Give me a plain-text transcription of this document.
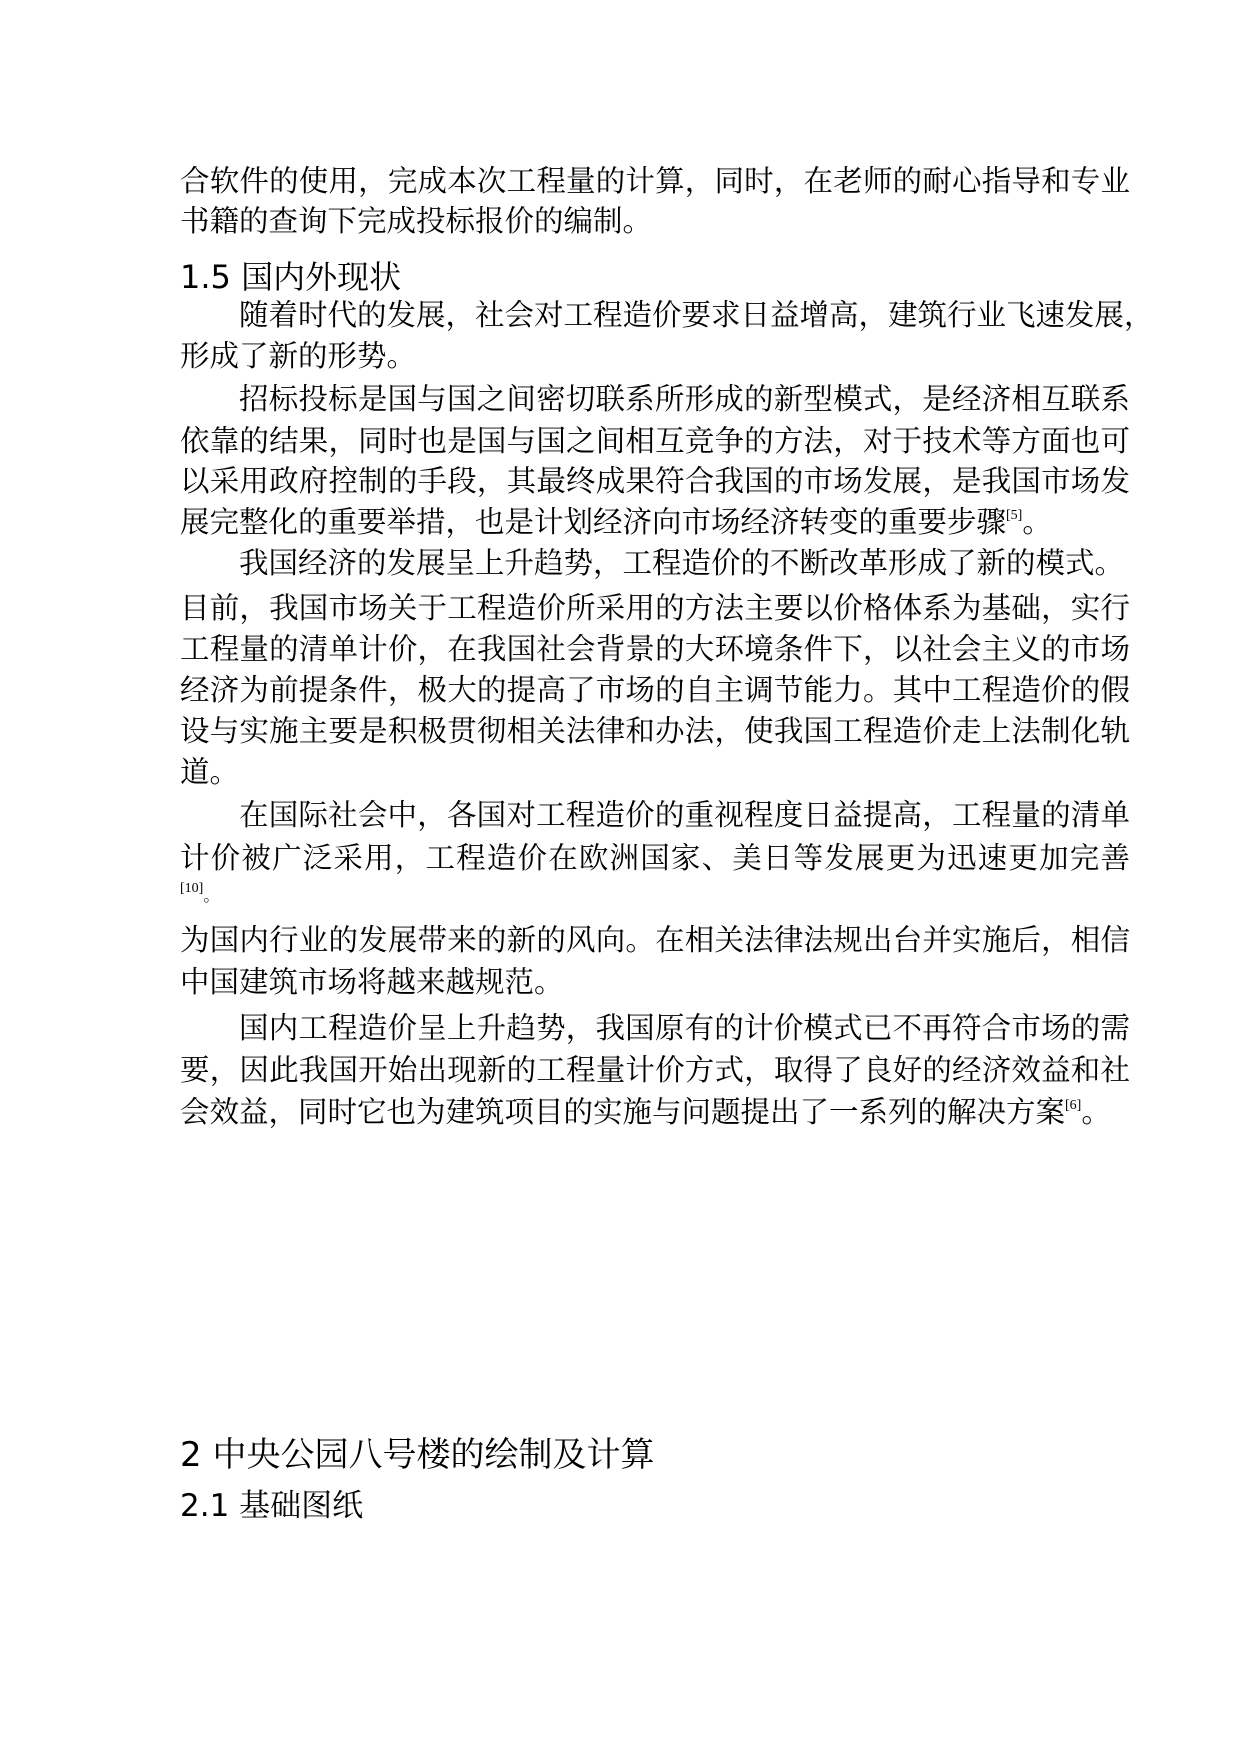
合软件的使用，完成本次工程量的计算，同时，在老师的耐心指导和专业
书籍的查询下完成投标报价的编制。
1.5 国内外现状
随着时代的发展，社会对工程造价要求日益增高，建筑行业飞速发展，
形成了新的形势。
招标投标是国与国之间密切联系所形成的新型模式，是经济相互联系
依靠的结果，同时也是国与国之间相互竞争的方法，对于技术等方面也可
以采用政府控制的手段，其最终成果符合我国的市场发展，是我国市场发
展完整化的重要举措，也是计划经济向市场经济转变的重要步骤[5]。
我国经济的发展呈上升趋势，工程造价的不断改革形成了新的模式。
目前，我国市场关于工程造价所采用的方法主要以价格体系为基础，实行
工程量的清单计价，在我国社会背景的大环境条件下，以社会主义的市场
经济为前提条件，极大的提高了市场的自主调节能力。其中工程造价的假
设与实施主要是积极贯彻相关法律和办法，使我国工程造价走上法制化轨
道。
在国际社会中，各国对工程造价的重视程度日益提高，工程量的清单
计价被广泛采用，工程造价在欧洲国家、美日等发展更为迅速更加完善
[10]。
为国内行业的发展带来的新的风向。在相关法律法规出台并实施后，相信
中国建筑市场将越来越规范。
国内工程造价呈上升趋势，我国原有的计价模式已不再符合市场的需
要，因此我国开始出现新的工程量计价方式，取得了良好的经济效益和社
会效益，同时它也为建筑项目的实施与问题提出了一系列的解决方案[6]。
2 中央公园八号楼的绘制及计算
2.1 基础图纸
